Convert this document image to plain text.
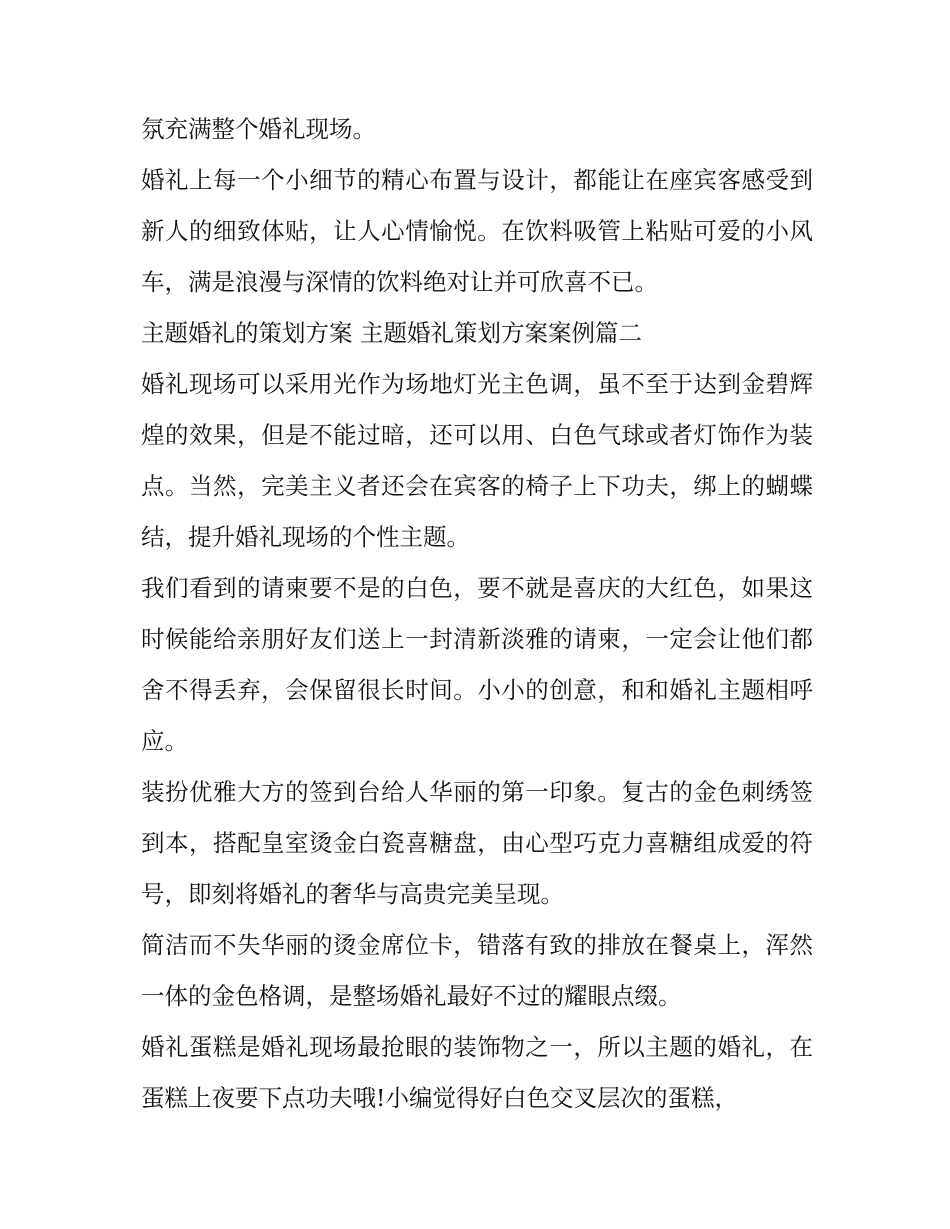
氛充满整个婚礼现场。

婚礼上每一个小细节的精心布置与设计，都能让在座宾客感受到新人的细致体贴，让人心情愉悦。在饮料吸管上粘贴可爱的小风车，满是浪漫与深情的饮料绝对让并可欣喜不已。

主题婚礼的策划方案 主题婚礼策划方案案例篇二

婚礼现场可以采用光作为场地灯光主色调，虽不至于达到金碧辉煌的效果，但是不能过暗，还可以用、白色气球或者灯饰作为装点。当然，完美主义者还会在宾客的椅子上下功夫，绑上的蝴蝶结，提升婚礼现场的个性主题。

我们看到的请柬要不是的白色，要不就是喜庆的大红色，如果这时候能给亲朋好友们送上一封清新淡雅的请柬，一定会让他们都舍不得丢弃，会保留很长时间。小小的创意，和和婚礼主题相呼应。

装扮优雅大方的签到台给人华丽的第一印象。复古的金色刺绣签到本，搭配皇室烫金白瓷喜糖盘，由心型巧克力喜糖组成爱的符号，即刻将婚礼的奢华与高贵完美呈现。

简洁而不失华丽的烫金席位卡，错落有致的排放在餐桌上，浑然一体的金色格调，是整场婚礼最好不过的耀眼点缀。

婚礼蛋糕是婚礼现场最抢眼的装饰物之一，所以主题的婚礼，在蛋糕上夜要下点功夫哦!小编觉得好白色交叉层次的蛋糕，
